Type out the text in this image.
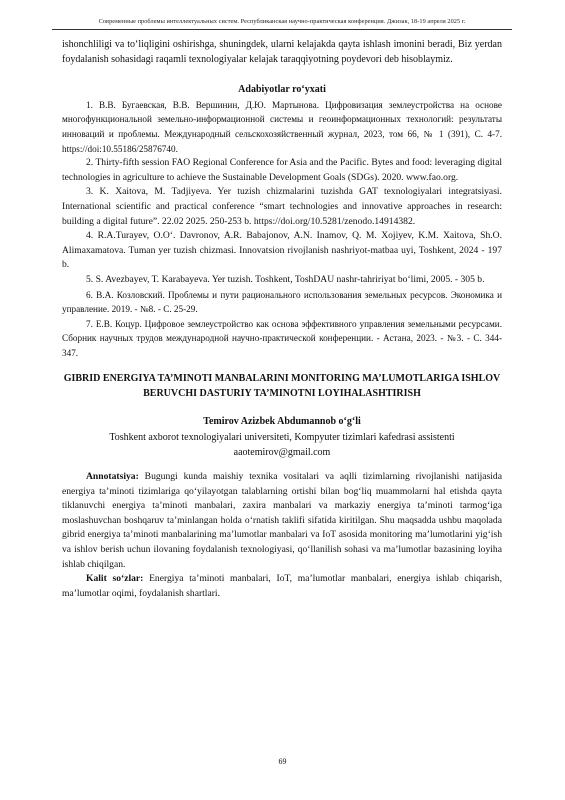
Современные проблемы интеллектуальных систем. Республиканская научно-практическая конференция. Джизак, 18-19 апреля 2025 г.

ishonchliligi va to‘liqligini oshirishga, shuningdek, ularni kelajakda qayta ishlash imonini beradi, Biz yerdan foydalanish sohasidagi raqamli texnologiyalar kelajak taraqqiyotning poydevori deb hisoblaymiz.

Adabiyotlar ro‘yxati

1. В.В. Бугаевская, В.В. Вершинин, Д.Ю. Мартынова. Цифровизация землеустройства на основе многофункциональной земельно-информационной системы и геоинформационных технологий: результаты инноваций и проблемы. Международный сельскохозяйственный журнал, 2023, том 66, № 1 (391), С. 4-7. https://doi:10.55186/25876740.

2. Thirty-fifth session FAO Regional Conference for Asia and the Pacific. Bytes and food: leveraging digital technologies in agriculture to achieve the Sustainable Development Goals (SDGs). 2020. www.fao.org.

3. K. Xaitova, M. Tadjiyeva. Yer tuzish chizmalarini tuzishda GAT texnologiyalari integratsiyasi. International scientific and practical conference “smart technologies and innovative approaches in research: building a digital future”. 22.02 2025. 250-253 b. https://doi.org/10.5281/zenodo.14914382.

4. R.A.Turayev, O.O‘. Davronov, A.R. Babajonov, A.N. Inamov, Q. M. Xojiyev, K.M. Xaitova, Sh.O. Alimaxamatova. Tuman yer tuzish chizmasi. Innovatsion rivojlanish nashriyot-matbaa uyi, Toshkent, 2024 - 197 b.

5. S. Avezbayev, T. Karabayeva. Yer tuzish. Toshkent, ToshDAU nashr-tahririyat bo‘limi, 2005. - 305 b.

6. В.А. Козловский. Проблемы и пути рационального использования земельных ресурсов. Экономика и управление. 2019. - №8. - С. 25-29.

7. Е.В. Коцур. Цифровое землеустройство как основа эффективного управления земельными ресурсами. Сборник научных трудов международной научно-практической конференции. - Астана, 2023. - №3. - С. 344-347.

GIBRID ENERGIYA TA’MINOTI MANBALARINI MONITORING MA’LUMOTLARIGA ISHLOV BERUVCHI DASTURIY TA’MINOTNI LOYIHALASHTIRISH

Temirov Azizbek Abdumannob o‘g‘li

Toshkent axborot texnologiyalari universiteti, Kompyuter tizimlari kafedrasi assistenti

aaotemirov@gmail.com

Annotatsiya: Bugungi kunda maishiy texnika vositalari va aqlli tizimlarning rivojlanishi natijasida energiya ta’minoti tizimlariga qo‘yilayotgan talablarning ortishi bilan bog‘liq muammolarni hal etishda qayta tiklanuvchi energiya ta’minoti manbalari, zaxira manbalari va markaziy energiya ta’minoti tarmog‘iga moslashuvchan boshqaruv ta’minlangan holda o‘rnatish taklifi sifatida kiritilgan. Shu maqsadda ushbu maqolada gibrid energiya ta’minoti manbalarining ma’lumotlar manbalari va IoT asosida monitoring ma’lumotlarini yig‘ish va ishlov berish uchun ilovaning foydalanish texnologiyasi, qo‘llanilish sohasi va ma’lumotlar bazasining loyiha ishlab chiqilgan.

Kalit so‘zlar: Energiya ta’minoti manbalari, IoT, ma’lumotlar manbalari, energiya ishlab chiqarish, ma’lumotlar oqimi, foydalanish shartlari.

69
